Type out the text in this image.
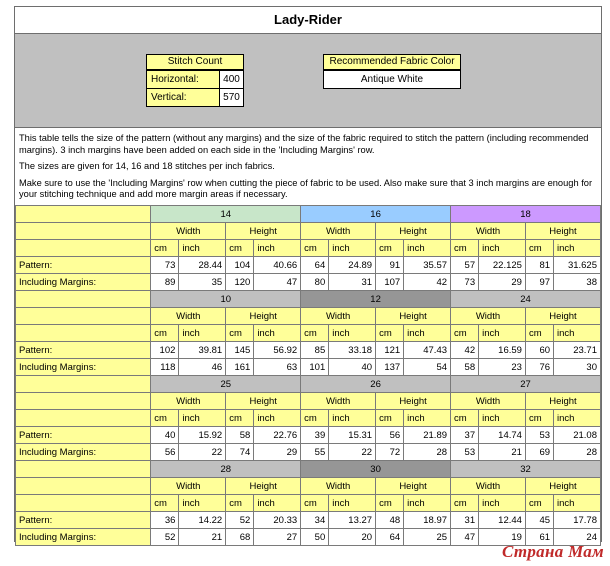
Lady-Rider
Stitch Count
Horizontal:	400
Vertical:	570
Recommended Fabric Color
Antique White

This table tells the size of the pattern (without any margins) and the size of the fabric required to stitch the pattern (including recommended margins). 3 inch margins have been added on each side in the 'Including Margins' row.

The sizes are given for 14, 16 and 18 stitches per inch fabrics.

Make sure to use the 'Including Margins' row when cutting the piece of fabric to be used. Also make sure that 3 inch margins are enough for your stitching technique and add more margin areas if necessary.

	14				16				18			
	Width		Height		Width		Height		Width		Height	
	cm	inch	cm	inch	cm	inch	cm	inch	cm	inch	cm	inch
Pattern:	73	28.44	104	40.66	64	24.89	91	35.57	57	22.125	81	31.625
Including Margins:	89	35	120	47	80	31	107	42	73	29	97	38
	10				12				24			
	Width		Height		Width		Height		Width		Height	
	cm	inch	cm	inch	cm	inch	cm	inch	cm	inch	cm	inch
Pattern:	102	39.81	145	56.92	85	33.18	121	47.43	42	16.59	60	23.71
Including Margins:	118	46	161	63	101	40	137	54	58	23	76	30
	25				26				27			
	Width		Height		Width		Height		Width		Height	
	cm	inch	cm	inch	cm	inch	cm	inch	cm	inch	cm	inch
Pattern:	40	15.92	58	22.76	39	15.31	56	21.89	37	14.74	53	21.08
Including Margins:	56	22	74	29	55	22	72	28	53	21	69	28
	28				30				32			
	Width		Height		Width		Height		Width		Height	
	cm	inch	cm	inch	cm	inch	cm	inch	cm	inch	cm	inch
Pattern:	36	14.22	52	20.33	34	13.27	48	18.97	31	12.44	45	17.78
Including Margins:	52	21	68	27	50	20	64	25	47	19	61	24
Страна Мам
